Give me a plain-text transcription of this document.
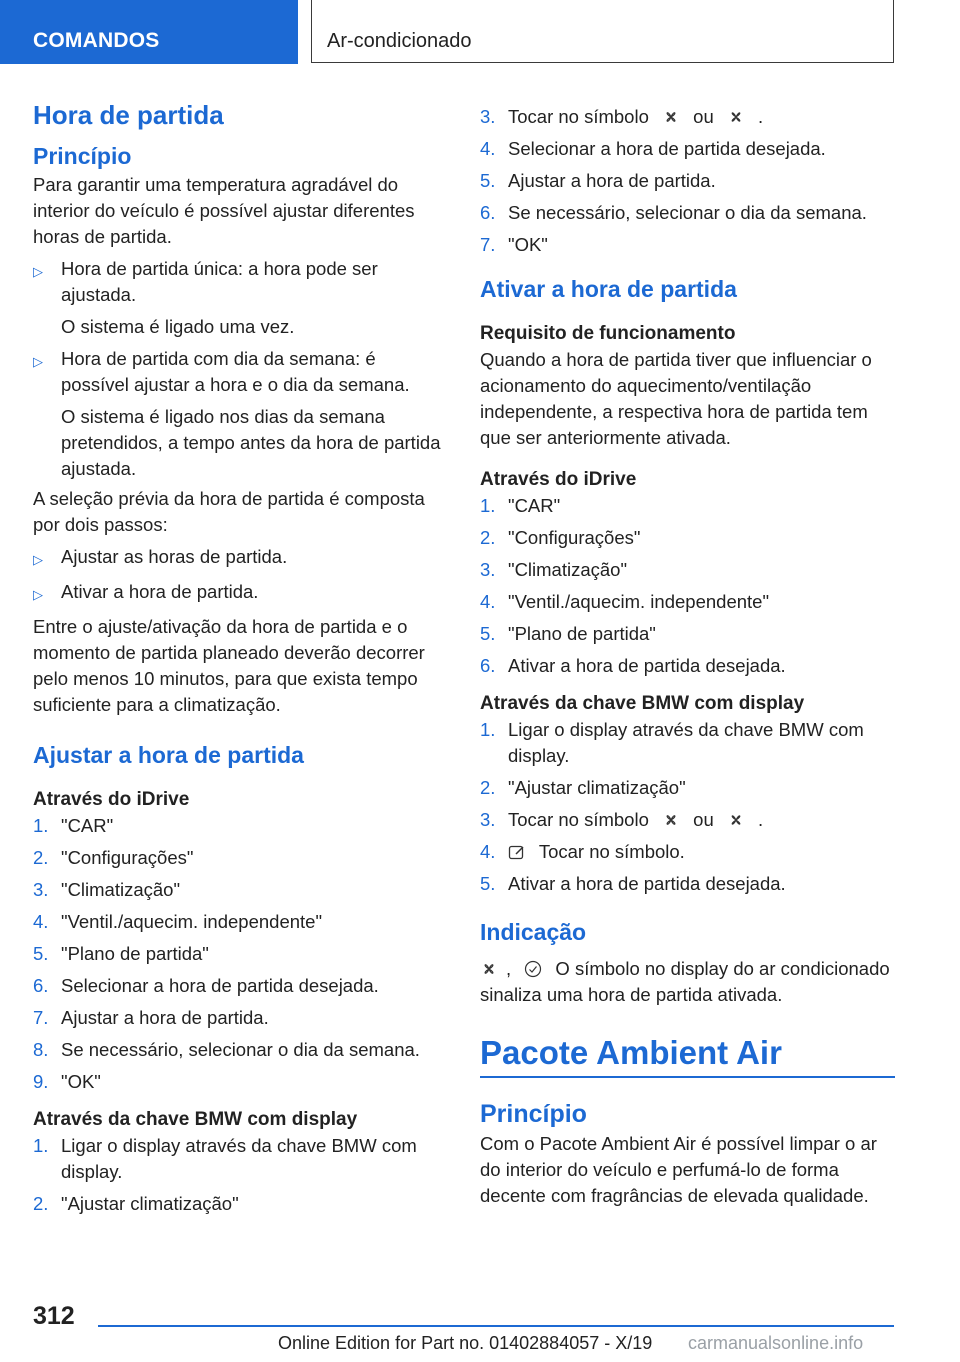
COMANDOS	Ar-condicionado
Hora de partida
Princípio

Para garantir uma temperatura agradável do interior do veículo é possível ajustar diferentes horas de partida.

▷ Hora de partida única: a hora pode ser ajustada.
O sistema é ligado uma vez.
▷ Hora de partida com dia da semana: é possível ajustar a hora e o dia da semana.
O sistema é ligado nos dias da semana pretendidos, a tempo antes da hora de partida ajustada.

A seleção prévia da hora de partida é composta por dois passos:

▷ Ajustar as horas de partida.
▷ Ativar a hora de partida.

Entre o ajuste/ativação da hora de partida e o momento de partida planeado deverão decorrer pelo menos 10 minutos, para que exista tempo suficiente para a climatização.

Ajustar a hora de partida
Através do iDrive
1. "CAR"
2. "Configurações"
3. "Climatização"
4. "Ventil./aquecim. independente"
5. "Plano de partida"
6. Selecionar a hora de partida desejada.
7. Ajustar a hora de partida.
8. Se necessário, selecionar o dia da semana.
9. "OK"
Através da chave BMW com display
1. Ligar o display através da chave BMW com display.
2. "Ajustar climatização"
3. Tocar no símbolo ou .
4. Selecionar a hora de partida desejada.
5. Ajustar a hora de partida.
6. Se necessário, selecionar o dia da semana.
7. "OK"
Ativar a hora de partida
Requisito de funcionamento

Quando a hora de partida tiver que influenciar o acionamento do aquecimento/ventilação independente, a respectiva hora de partida tem que ser anteriormente ativada.

Através do iDrive
1. "CAR"
2. "Configurações"
3. "Climatização"
4. "Ventil./aquecim. independente"
5. "Plano de partida"
6. Ativar a hora de partida desejada.
Através da chave BMW com display
1. Ligar o display através da chave BMW com display.
2. "Ajustar climatização"
3. Tocar no símbolo ou .
4.	Tocar no símbolo.
5. Ativar a hora de partida desejada.
Indicação

, O símbolo no display do ar condicionado sinaliza uma hora de partida ativada.

Pacote Ambient Air
Princípio

Com o Pacote Ambient Air é possível limpar o ar do interior do veículo e perfumá-lo de forma decente com fragrâncias de elevada qualidade.

312
Online Edition for Part no. 01402884057 - X/19 carmanualsonline.info
